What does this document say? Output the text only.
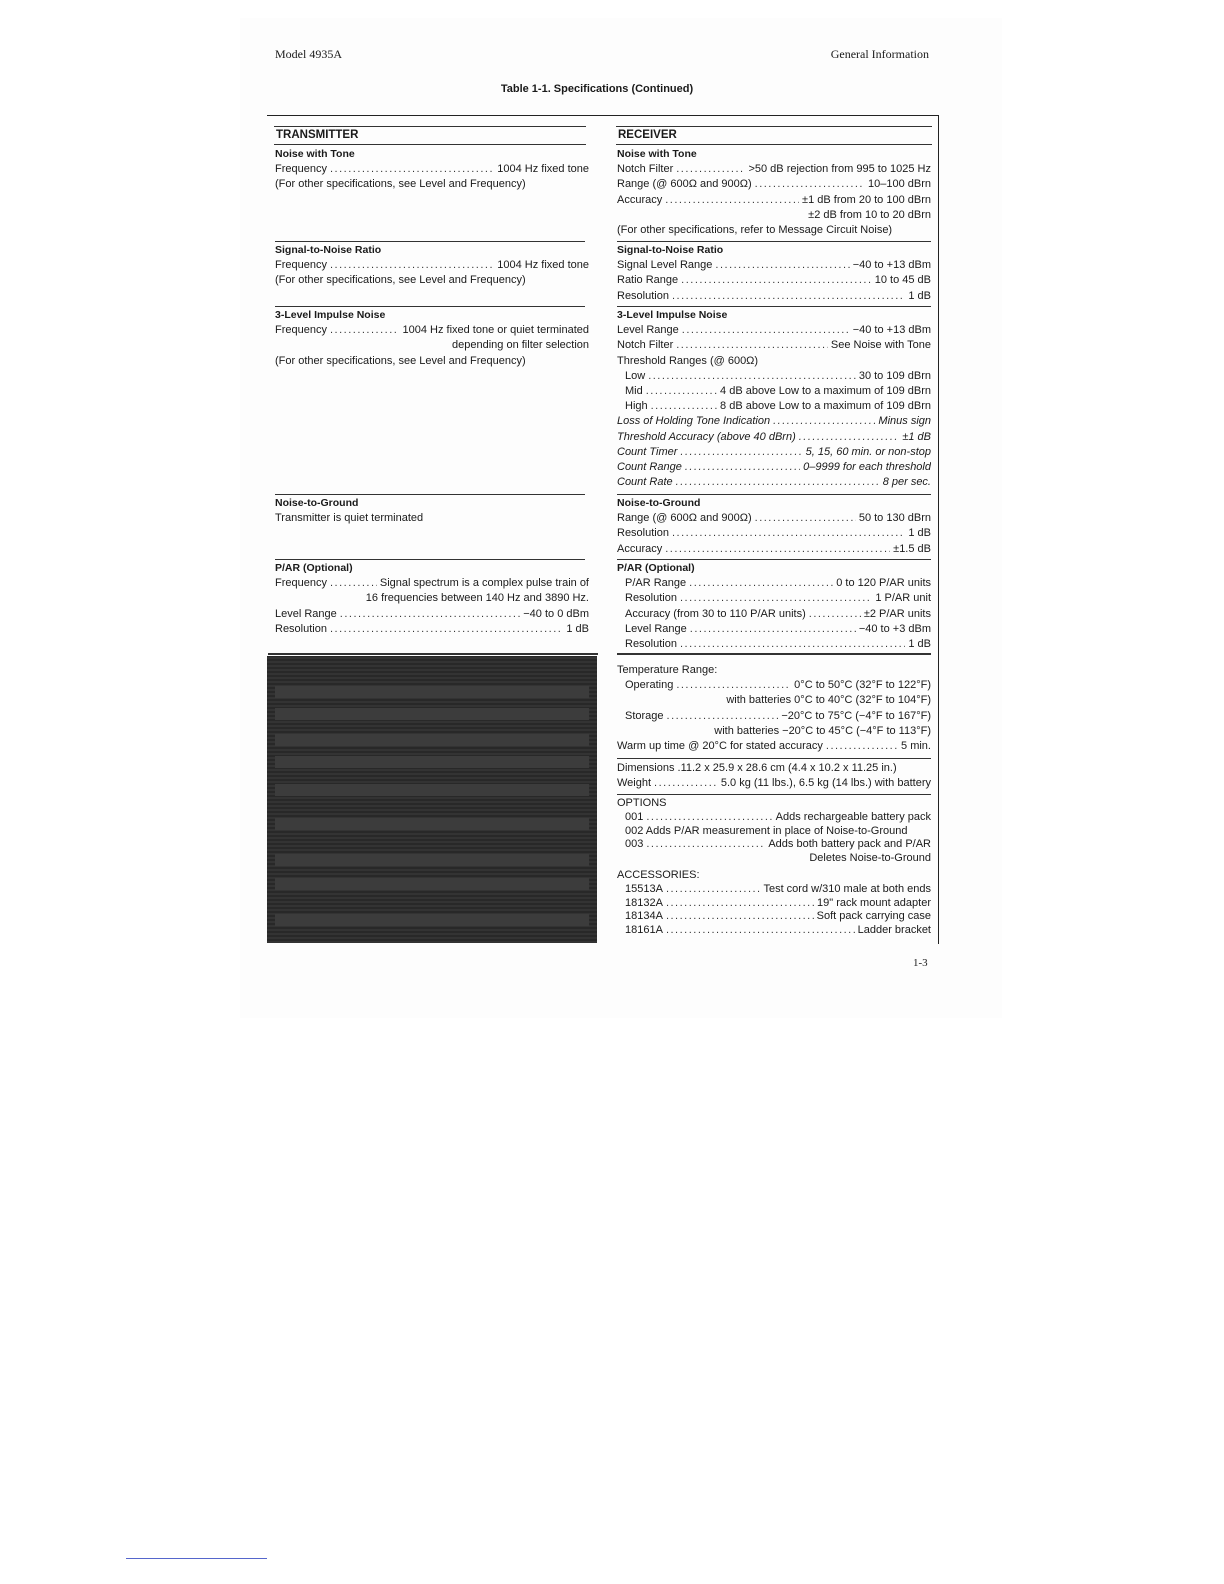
Model 4935A	General Information
Table 1-1. Specifications (Continued)
TRANSMITTER	RECEIVER
Noise with Tone
Frequency .....	1004 Hz fixed tone
(For other specifications, see Level and Frequency)
Signal-to-Noise Ratio
Frequency .....	1004 Hz fixed tone
(For other specifications, see Level and Frequency)
3-Level Impulse Noise
Frequency .....	1004 Hz fixed tone or quiet terminated
depending on filter selection
(For other specifications, see Level and Frequency)
Noise-to-Ground
Transmitter is quiet terminated
P/AR (Optional)
Frequency .....	Signal spectrum is a complex pulse train of
16 frequencies between 140 Hz and 3890 Hz.
Level Range .....	−40 to 0 dBm
Resolution .....	1 dB
Noise with Tone
Notch Filter .....	>50 dB rejection from 995 to 1025 Hz
Range (@ 600Ω and 900Ω) .....	10–100 dBrn
Accuracy .....	±1 dB from 20 to 100 dBrn
±2 dB from 10 to 20 dBrn
(For other specifications, refer to Message Circuit Noise)
Signal-to-Noise Ratio
Signal Level Range .....	−40 to +13 dBm
Ratio Range .....	10 to 45 dB
Resolution .....	1 dB
3-Level Impulse Noise
Level Range .....	−40 to +13 dBm
Notch Filter .....	See Noise with Tone
Threshold Ranges (@ 600Ω)
Low .....	30 to 109 dBrn
Mid .....	4 dB above Low to a maximum of 109 dBrn
High .....	8 dB above Low to a maximum of 109 dBrn
Loss of Holding Tone Indication .....	Minus sign
Threshold Accuracy (above 40 dBrn) .....	±1 dB
Count Timer .....	5, 15, 60 min. or non-stop
Count Range .....	0–9999 for each threshold
Count Rate .....	8 per sec.
Noise-to-Ground
Range (@ 600Ω and 900Ω) .....	50 to 130 dBrn
Resolution .....	1 dB
Accuracy .....	±1.5 dB
P/AR (Optional)
P/AR Range .....	0 to 120 P/AR units
Resolution .....	1 P/AR unit
Accuracy (from 30 to 110 P/AR units) .....	±2 P/AR units
Level Range .....	−40 to +3 dBm
Resolution .....	1 dB
Temperature Range:
Operating .....	0°C to 50°C (32°F to 122°F)
with batteries 0°C to 40°C (32°F to 104°F)
Storage .....	−20°C to 75°C (−4°F to 167°F)
with batteries −20°C to 45°C (−4°F to 113°F)
Warm up time @ 20°C for stated accuracy .....	5 min.
Dimensions .11.2 x 25.9 x 28.6 cm (4.4 x 10.2 x 11.25 in.)
Weight .....	5.0 kg (11 lbs.), 6.5 kg (14 lbs.) with battery
OPTIONS
001 .....	Adds rechargeable battery pack
002 Adds P/AR measurement in place of Noise-to-Ground
003 .....	Adds both battery pack and P/AR
Deletes Noise-to-Ground
ACCESSORIES:
15513A .....	Test cord w/310 male at both ends
18132A .....	19" rack mount adapter
18134A .....	Soft pack carrying case
18161A .....	Ladder bracket
1-3
